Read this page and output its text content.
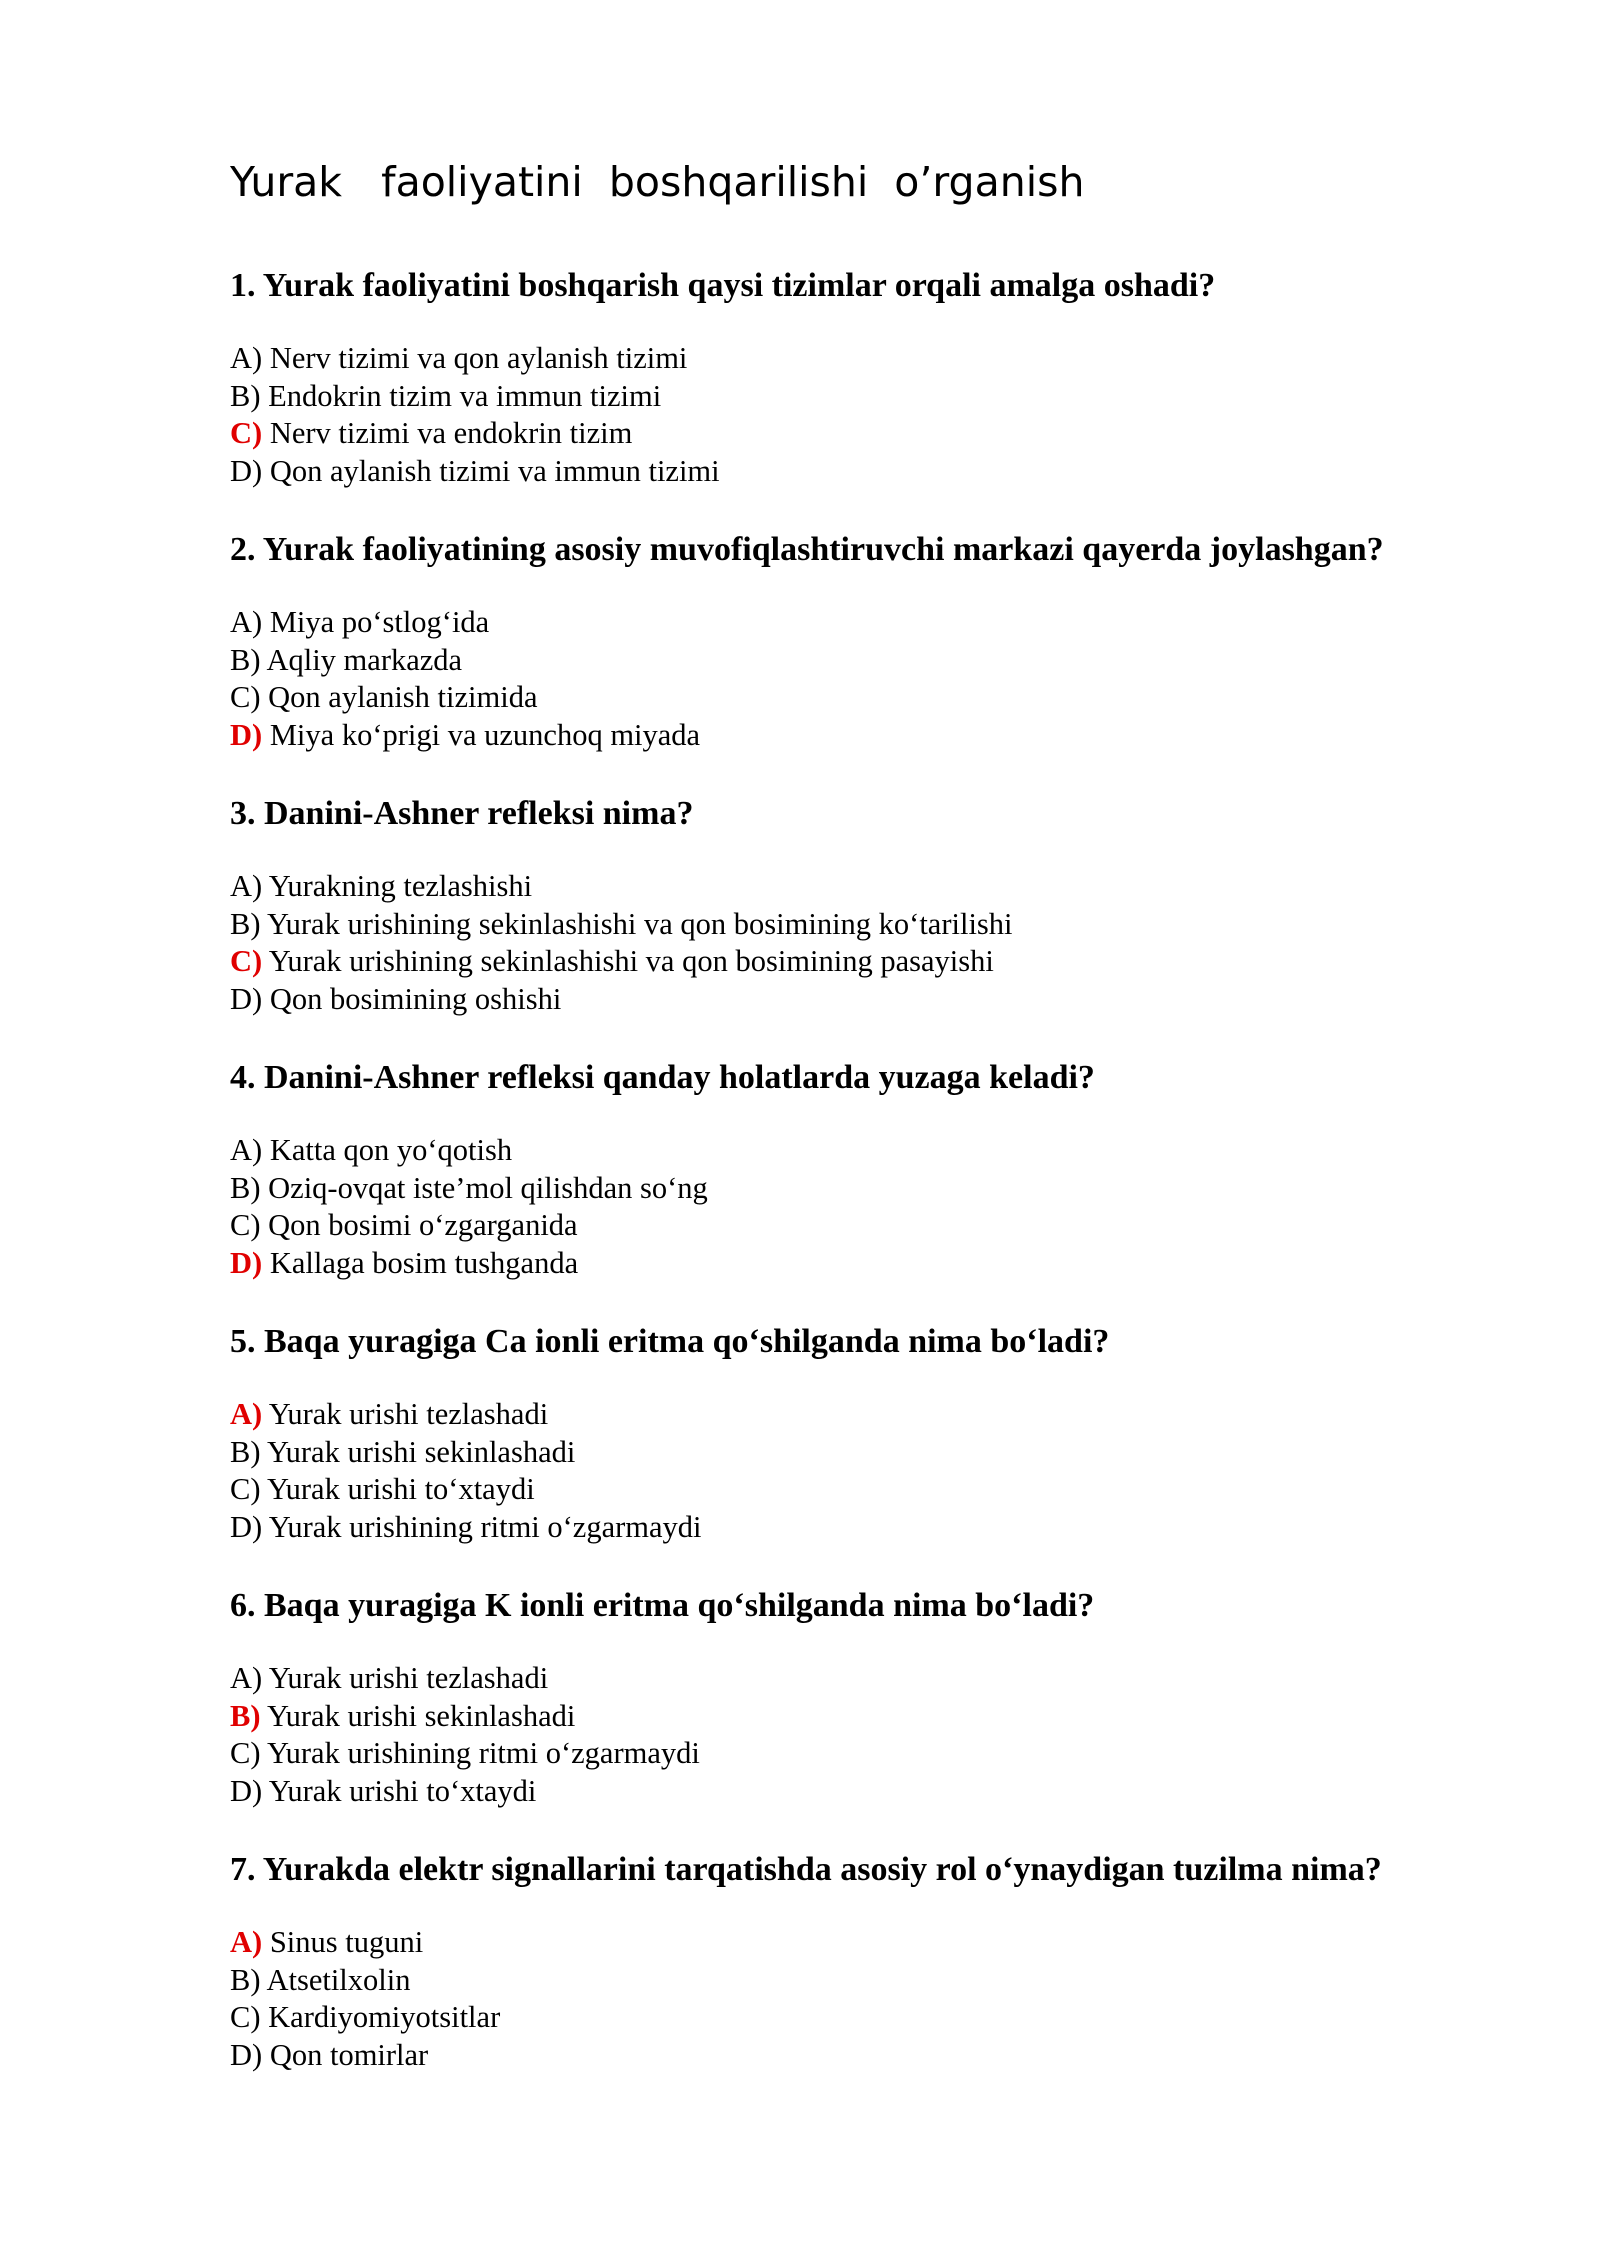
Yurak   faoliyatini  boshqarilishi  o’rganish
1. Yurak faoliyatini boshqarish qaysi tizimlar orqali amalga oshadi?
A) Nerv tizimi va qon aylanish tizimi
B) Endokrin tizim va immun tizimi
C) Nerv tizimi va endokrin tizim
D) Qon aylanish tizimi va immun tizimi
2. Yurak faoliyatining asosiy muvofiqlashtiruvchi markazi qayerda joylashgan?
A) Miya po‘stlog‘ida
B) Aqliy markazda
C) Qon aylanish tizimida
D) Miya ko‘prigi va uzunchoq miyada
3. Danini-Ashner refleksi nima?
A) Yurakning tezlashishi
B) Yurak urishining sekinlashishi va qon bosimining ko‘tarilishi
C) Yurak urishining sekinlashishi va qon bosimining pasayishi
D) Qon bosimining oshishi
4. Danini-Ashner refleksi qanday holatlarda yuzaga keladi?
A) Katta qon yo‘qotish
B) Oziq-ovqat iste’mol qilishdan so‘ng
C) Qon bosimi o‘zgarganida
D) Kallaga bosim tushganda
5. Baqa yuragiga Ca ionli eritma qo‘shilganda nima bo‘ladi?
A) Yurak urishi tezlashadi
B) Yurak urishi sekinlashadi
C) Yurak urishi to‘xtaydi
D) Yurak urishining ritmi o‘zgarmaydi
6. Baqa yuragiga K ionli eritma qo‘shilganda nima bo‘ladi?
A) Yurak urishi tezlashadi
B) Yurak urishi sekinlashadi
C) Yurak urishining ritmi o‘zgarmaydi
D) Yurak urishi to‘xtaydi
7. Yurakda elektr signallarini tarqatishda asosiy rol o‘ynaydigan tuzilma nima?
A) Sinus tuguni
B) Atsetilxolin
C) Kardiyomiyotsitlar
D) Qon tomirlar
